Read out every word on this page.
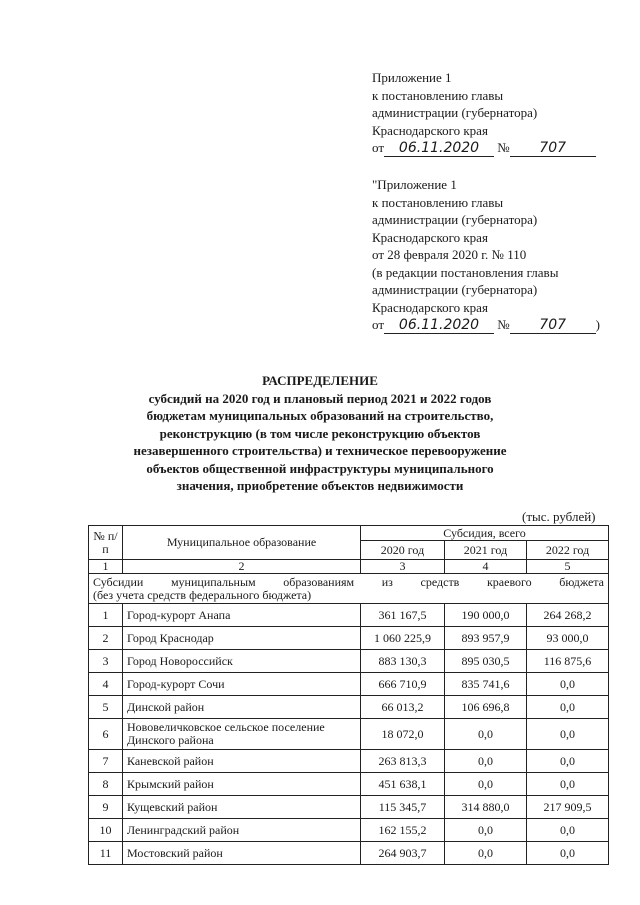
Приложение 1
к постановлению главы
администрации (губернатора)
Краснодарского края
от 06.11.2020 № 707
"Приложение 1
к постановлению главы
администрации (губернатора)
Краснодарского края
от 28 февраля 2020 г. № 110
(в редакции постановления главы
администрации (губернатора)
Краснодарского края
от 06.11.2020 № 707 )
РАСПРЕДЕЛЕНИЕ
субсидий на 2020 год и плановый период 2021 и 2022 годов
бюджетам муниципальных образований на строительство,
реконструкцию (в том числе реконструкцию объектов
незавершенного строительства) и техническое перевооружение
объектов общественной инфраструктуры муниципального
значения, приобретение объектов недвижимости
(тыс. рублей)
№ п/п	Муниципальное образование	Субсидия, всего		
		2020 год	2021 год	2022 год
1	2	3	4	5
Субсидии муниципальным образованиям из средств краевого бюджета
(без учета средств федерального бюджета)				

1	Город-курорт Анапа	361 167,5	190 000,0	264 268,2
2	Город Краснодар	1 060 225,9	893 957,9	93 000,0
3	Город Новороссийск	883 130,3	895 030,5	116 875,6
4	Город-курорт Сочи	666 710,9	835 741,6	0,0
5	Динской район	66 013,2	106 696,8	0,0
6	Нововеличковское сельское поселение Динского района	18 072,0	0,0	0,0
7	Каневской район	263 813,3	0,0	0,0
8	Крымский район	451 638,1	0,0	0,0
9	Кущевский район	115 345,7	314 880,0	217 909,5
10	Ленинградский район	162 155,2	0,0	0,0
11	Мостовский район	264 903,7	0,0	0,0
